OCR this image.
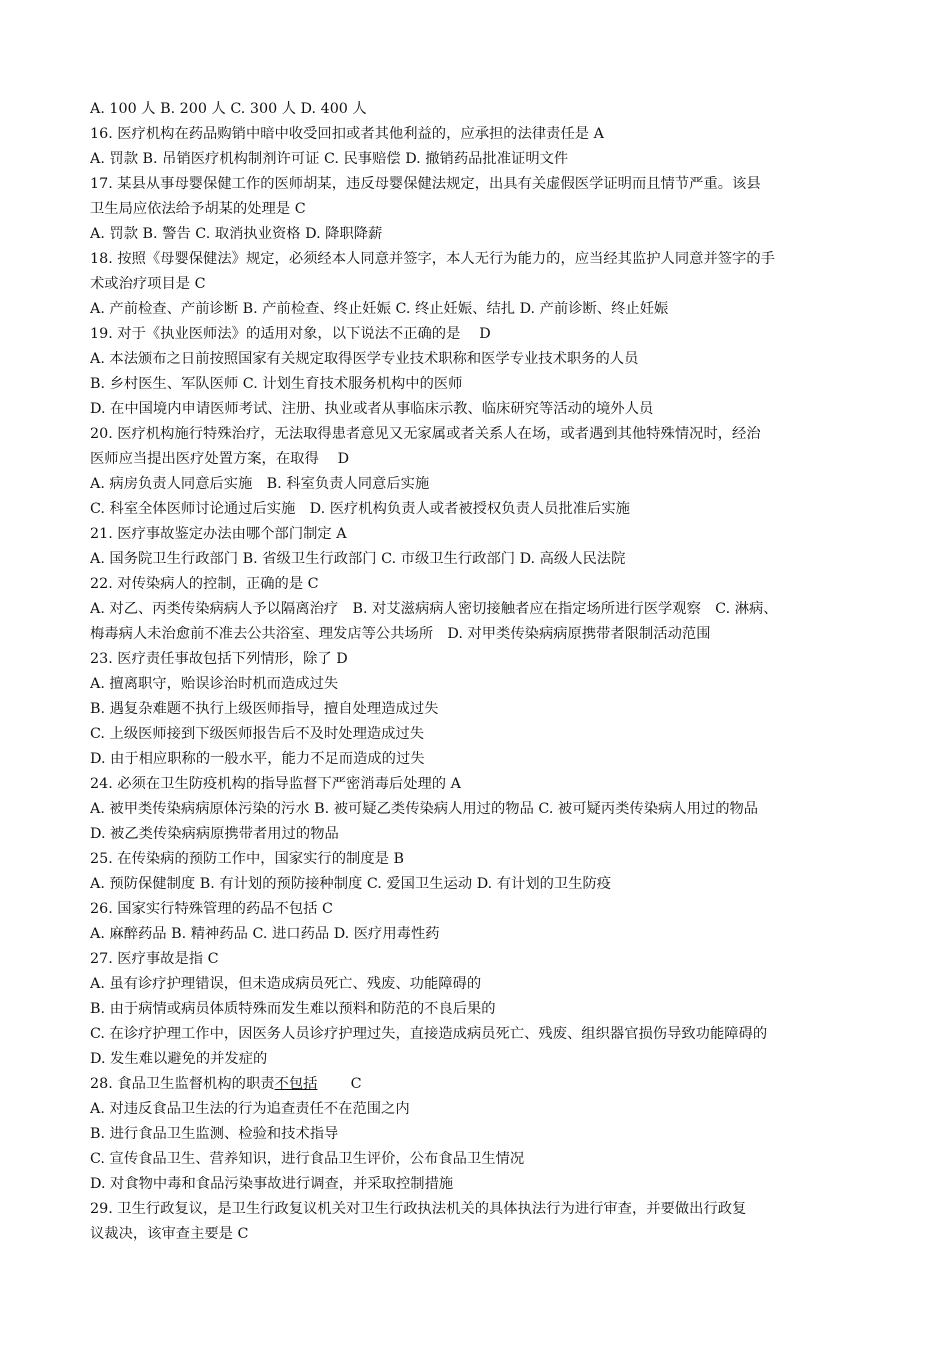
A. 100 人 B. 200 人 C. 300 人 D. 400 人
16. 医疗机构在药品购销中暗中收受回扣或者其他利益的，应承担的法律责任是 A
A. 罚款 B. 吊销医疗机构制剂许可证 C. 民事赔偿 D. 撤销药品批准证明文件
17. 某县从事母婴保健工作的医师胡某，违反母婴保健法规定，出具有关虚假医学证明而且情节严重。该县
卫生局应依法给予胡某的处理是 C
A. 罚款 B. 警告 C. 取消执业资格 D. 降职降薪
18. 按照《母婴保健法》规定，必须经本人同意并签字，本人无行为能力的，应当经其监护人同意并签字的手
术或治疗项目是 C
A. 产前检查、产前诊断 B. 产前检查、终止妊娠 C. 终止妊娠、结扎 D. 产前诊断、终止妊娠
19. 对于《执业医师法》的适用对象，以下说法不正确的是　 D
A. 本法颁布之日前按照国家有关规定取得医学专业技术职称和医学专业技术职务的人员
B. 乡村医生、军队医师 C. 计划生育技术服务机构中的医师
D. 在中国境内申请医师考试、注册、执业或者从事临床示教、临床研究等活动的境外人员
20. 医疗机构施行特殊治疗，无法取得患者意见又无家属或者关系人在场，或者遇到其他特殊情况时，经治
医师应当提出医疗处置方案，在取得　 D
A. 病房负责人同意后实施　B. 科室负责人同意后实施
C. 科室全体医师讨论通过后实施　D. 医疗机构负责人或者被授权负责人员批准后实施
21. 医疗事故鉴定办法由哪个部门制定 A
A. 国务院卫生行政部门 B. 省级卫生行政部门 C. 市级卫生行政部门 D. 高级人民法院
22. 对传染病人的控制，正确的是 C
A. 对乙、丙类传染病病人予以隔离治疗　B. 对艾滋病病人密切接触者应在指定场所进行医学观察　C. 淋病、
梅毒病人未治愈前不准去公共浴室、理发店等公共场所　D. 对甲类传染病病原携带者限制活动范围
23. 医疗责任事故包括下列情形，除了 D
A. 擅离职守，贻误诊治时机而造成过失
B. 遇复杂难题不执行上级医师指导，擅自处理造成过失
C. 上级医师接到下级医师报告后不及时处理造成过失
D. 由于相应职称的一般水平，能力不足而造成的过失
24. 必须在卫生防疫机构的指导监督下严密消毒后处理的 A
A. 被甲类传染病病原体污染的污水 B. 被可疑乙类传染病人用过的物品 C. 被可疑丙类传染病人用过的物品
D. 被乙类传染病病原携带者用过的物品
25. 在传染病的预防工作中，国家实行的制度是 B
A. 预防保健制度 B. 有计划的预防接种制度 C. 爱国卫生运动 D. 有计划的卫生防疫
26. 国家实行特殊管理的药品不包括 C
A. 麻醉药品 B. 精神药品 C. 进口药品 D. 医疗用毒性药
27. 医疗事故是指 C
A. 虽有诊疗护理错误，但未造成病员死亡、残废、功能障碍的
B. 由于病情或病员体质特殊而发生难以预料和防范的不良后果的
C. 在诊疗护理工作中，因医务人员诊疗护理过失，直接造成病员死亡、残废、组织器官损伤导致功能障碍的
D. 发生难以避免的并发症的
28. 食品卫生监督机构的职责不包括　　 C
A. 对违反食品卫生法的行为追查责任不在范围之内
B. 进行食品卫生监测、检验和技术指导
C. 宣传食品卫生、营养知识，进行食品卫生评价，公布食品卫生情况
D. 对食物中毒和食品污染事故进行调查，并采取控制措施
29. 卫生行政复议，是卫生行政复议机关对卫生行政执法机关的具体执法行为进行审查，并要做出行政复
议裁决，该审查主要是 C
